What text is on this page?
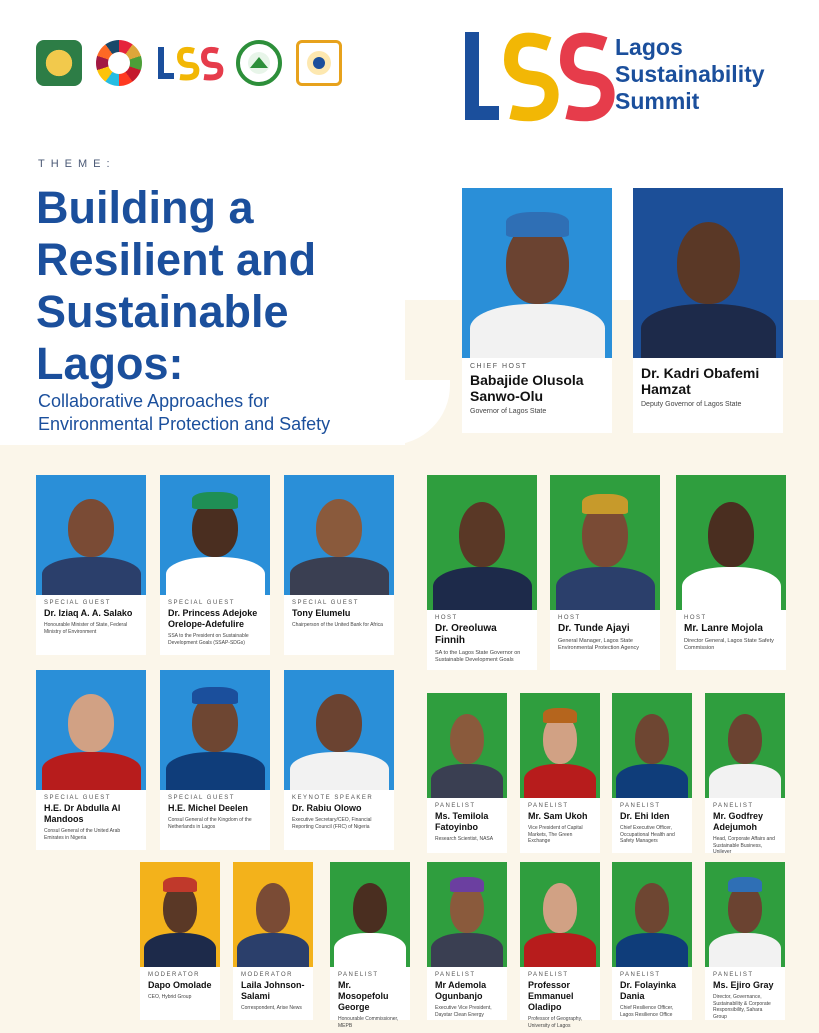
Lagos
Sustainability
Summit
THEME:
Building a
Resilient and
Sustainable
Lagos:
Collaborative Approaches for
Environmental Protection and Safety
CHIEF HOST
Babajide Olusola Sanwo-Olu
Governor of Lagos State
Dr. Kadri Obafemi Hamzat
Deputy Governor of Lagos State
SPECIAL GUEST
Dr. Iziaq A. A. Salako
Honourable Minister of State, Federal Ministry of Environment
SPECIAL GUEST
Dr. Princess Adejoke Orelope-Adefulire
SSA to the President on Sustainable Development Goals (SSAP-SDGs)
SPECIAL GUEST
Tony Elumelu
Chairperson of the United Bank for Africa
SPECIAL GUEST
H.E. Dr Abdulla Al Mandoos
Consul General of the United Arab Emirates in Nigeria
SPECIAL GUEST
H.E. Michel Deelen
Consul General of the Kingdom of the Netherlands in Lagos
KEYNOTE SPEAKER
Dr. Rabiu Olowo
Executive Secretary/CEO, Financial Reporting Council (FRC) of Nigeria
HOST
Dr. Oreoluwa Finnih
SA to the Lagos State Governor on Sustainable Development Goals
HOST
Dr. Tunde Ajayi
General Manager, Lagos State Environmental Protection Agency
HOST
Mr. Lanre Mojola
Director General, Lagos State Safety Commission
PANELIST
Ms. Temilola Fatoyinbo
Research Scientist, NASA
PANELIST
Mr. Sam Ukoh
Vice President of Capital Markets, The Green Exchange
PANELIST
Dr. Ehi Iden
Chief Executive Officer, Occupational Health and Safety Managers
PANELIST
Mr. Godfrey Adejumoh
Head, Corporate Affairs and Sustainable Business, Unilever
MODERATOR
Dapo Omolade
CEO, Hybrid Group
MODERATOR
Laila Johnson-Salami
Correspondent, Arise News
PANELIST
Mr. Mosopefolu George
Honourable Commissioner, MEPB
PANELIST
Mr Ademola Ogunbanjo
Executive Vice President, Daystar Clean Energy
PANELIST
Professor Emmanuel Oladipo
Professor of Geography, University of Lagos
PANELIST
Dr. Folayinka Dania
Chief Resilience Officer, Lagos Resilience Office
PANELIST
Ms. Ejiro Gray
Director, Governance, Sustainability & Corporate Responsibility, Sahara Group
